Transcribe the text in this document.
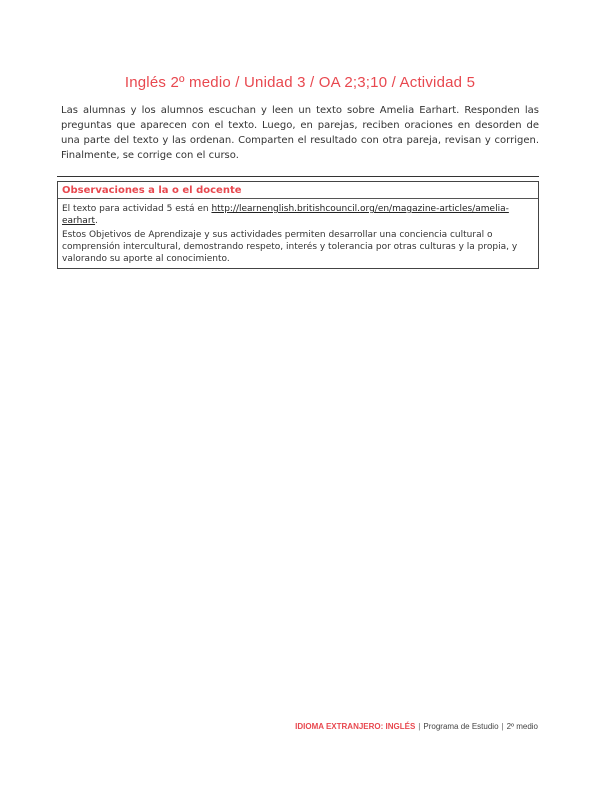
Inglés 2º medio / Unidad 3 / OA 2;3;10 / Actividad 5
Las alumnas y los alumnos escuchan y leen un texto sobre Amelia Earhart. Responden las preguntas que aparecen con el texto. Luego, en parejas, reciben oraciones en desorden de una parte del texto y las ordenan. Comparten el resultado con otra pareja, revisan y corrigen. Finalmente, se corrige con el curso.
Observaciones a la o el docente
El texto para actividad 5 está en http://learnenglish.britishcouncil.org/en/magazine-articles/amelia-earhart.
Estos Objetivos de Aprendizaje y sus actividades permiten desarrollar una conciencia cultural o comprensión intercultural, demostrando respeto, interés y tolerancia por otras culturas y la propia, y valorando su aporte al conocimiento.
IDIOMA EXTRANJERO: INGLÉS | Programa de Estudio | 2º medio
